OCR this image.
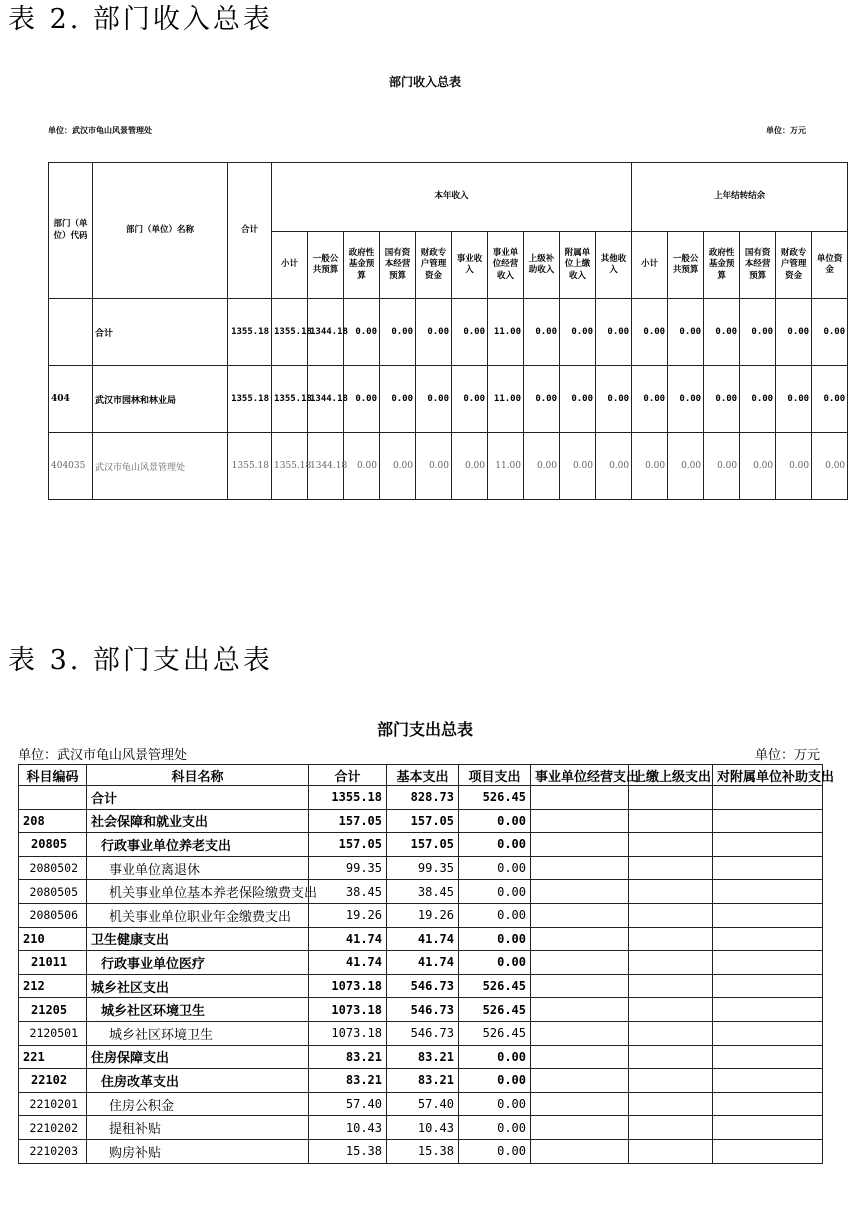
表 2. 部门收入总表
部门收入总表
单位：武汉市龟山风景管理处	单位：万元
部门（单位）代码	部门（单位）名称	合计	本年收入										上年结转结余					
			小计	一般公共预算	政府性基金预算	国有资本经营预算	财政专户管理资金	事业收入	事业单位经营收入	上级补助收入	附属单位上缴收入	其他收入	小计	一般公共预算	政府性基金预算	国有资本经营预算	财政专户管理资金	单位资金
	合计	1355.18	1355.18	1344.18	0.00	0.00	0.00	0.00	11.00	0.00	0.00	0.00	0.00	0.00	0.00	0.00	0.00	0.00
404	武汉市园林和林业局	1355.18	1355.18	1344.18	0.00	0.00	0.00	0.00	11.00	0.00	0.00	0.00	0.00	0.00	0.00	0.00	0.00	0.00
404035	武汉市龟山风景管理处	1355.18	1355.18	1344.18	0.00	0.00	0.00	0.00	11.00	0.00	0.00	0.00	0.00	0.00	0.00	0.00	0.00	0.00
表 3. 部门支出总表
部门支出总表
单位：武汉市龟山风景管理处	单位：万元
科目编码	科目名称	合计	基本支出	项目支出	事业单位经营支出	上缴上级支出	对附属单位补助支出
	合计	1355.18	828.73	526.45			
208	社会保障和就业支出	157.05	157.05	0.00			
20805	行政事业单位养老支出	157.05	157.05	0.00			
2080502	事业单位离退休	99.35	99.35	0.00			
2080505	机关事业单位基本养老保险缴费支出	38.45	38.45	0.00			
2080506	机关事业单位职业年金缴费支出	19.26	19.26	0.00			
210	卫生健康支出	41.74	41.74	0.00			
21011	行政事业单位医疗	41.74	41.74	0.00			
212	城乡社区支出	1073.18	546.73	526.45			
21205	城乡社区环境卫生	1073.18	546.73	526.45			
2120501	城乡社区环境卫生	1073.18	546.73	526.45			
221	住房保障支出	83.21	83.21	0.00			
22102	住房改革支出	83.21	83.21	0.00			
2210201	住房公积金	57.40	57.40	0.00			
2210202	提租补贴	10.43	10.43	0.00			
2210203	购房补贴	15.38	15.38	0.00			
